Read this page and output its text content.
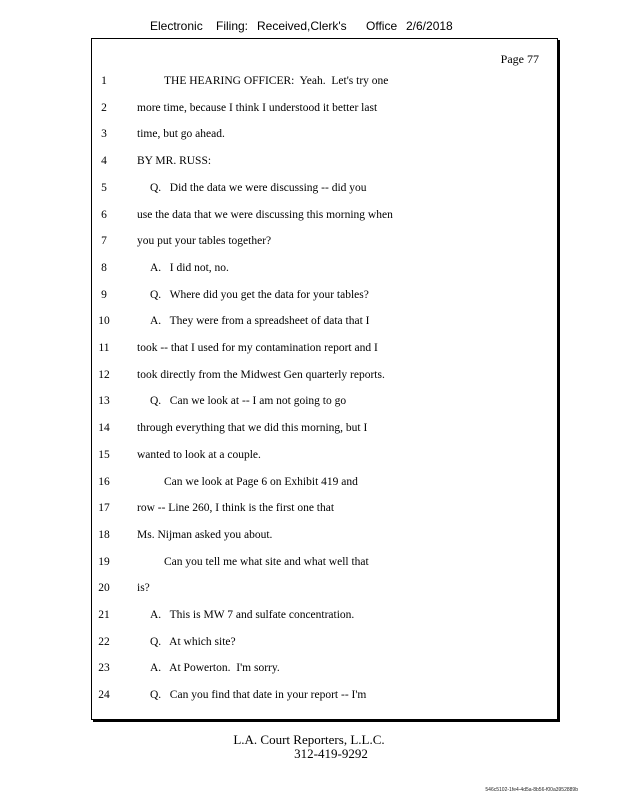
Electronic Filing: Received,Clerk's Office 2/6/2018
Page 77
1	THE HEARING OFFICER:  Yeah.  Let's try one
2	more time, because I think I understood it better last
3	time, but go ahead.
4	BY MR. RUSS:
5	Q.   Did the data we were discussing -- did you
6	use the data that we were discussing this morning when
7	you put your tables together?
8	A.   I did not, no.
9	Q.   Where did you get the data for your tables?
10	A.   They were from a spreadsheet of data that I
11	took -- that I used for my contamination report and I
12	took directly from the Midwest Gen quarterly reports.
13	Q.   Can we look at -- I am not going to go
14	through everything that we did this morning, but I
15	wanted to look at a couple.
16	Can we look at Page 6 on Exhibit 419 and
17	row -- Line 260, I think is the first one that
18	Ms. Nijman asked you about.
19	Can you tell me what site and what well that
20	is?
21	A.   This is MW 7 and sulfate concentration.
22	Q.   At which site?
23	A.   At Powerton.  I'm sorry.
24	Q.   Can you find that date in your report -- I'm
L.A. Court Reporters, L.L.C.
312-419-9292
546c5102-1fe4-4d5a-8b56-f00a3952889b
